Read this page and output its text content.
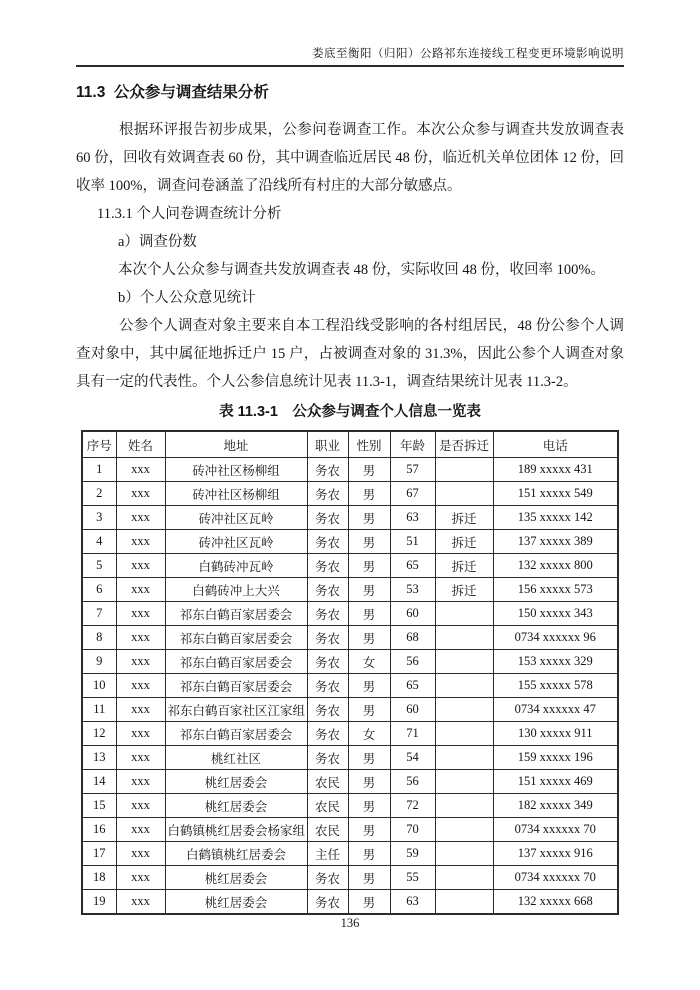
娄底至衡阳（归阳）公路祁东连接线工程变更环境影响说明
11.3  公众参与调查结果分析

根据环评报告初步成果，公参问卷调查工作。本次公众参与调查共发放调查表 60 份，回收有效调查表 60 份，其中调查临近居民 48 份，临近机关单位团体 12 份，回收率 100%，调查问卷涵盖了沿线所有村庄的大部分敏感点。

11.3.1 个人问卷调查统计分析

a）调查份数

本次个人公众参与调查共发放调查表 48 份，实际收回 48 份，收回率 100%。

b）个人公众意见统计

公参个人调查对象主要来自本工程沿线受影响的各村组居民，48 份公参个人调查对象中，其中属征地拆迁户 15 户，占被调查对象的 31.3%，因此公参个人调查对象具有一定的代表性。个人公参信息统计见表 11.3-1，调查结果统计见表 11.3-2。

表 11.3-1　公众参与调查个人信息一览表
序号	姓名	地址	职业	性别	年龄	是否拆迁	电话
1	xxx	砖冲社区杨柳组	务农	男	57		189 xxxxx 431
2	xxx	砖冲社区杨柳组	务农	男	67		151 xxxxx 549
3	xxx	砖冲社区瓦岭	务农	男	63	拆迁	135 xxxxx 142
4	xxx	砖冲社区瓦岭	务农	男	51	拆迁	137 xxxxx 389
5	xxx	白鹤砖冲瓦岭	务农	男	65	拆迁	132 xxxxx 800
6	xxx	白鹤砖冲上大兴	务农	男	53	拆迁	156 xxxxx 573
7	xxx	祁东白鹤百家居委会	务农	男	60		150 xxxxx 343
8	xxx	祁东白鹤百家居委会	务农	男	68		0734 xxxxxx 96
9	xxx	祁东白鹤百家居委会	务农	女	56		153 xxxxx 329
10	xxx	祁东白鹤百家居委会	务农	男	65		155 xxxxx 578
11	xxx	祁东白鹤百家社区江家组	务农	男	60		0734 xxxxxx 47
12	xxx	祁东白鹤百家居委会	务农	女	71		130 xxxxx 911
13	xxx	桃红社区	务农	男	54		159 xxxxx 196
14	xxx	桃红居委会	农民	男	56		151 xxxxx 469
15	xxx	桃红居委会	农民	男	72		182 xxxxx 349
16	xxx	白鹤镇桃红居委会杨家组	农民	男	70		0734 xxxxxx 70
17	xxx	白鹤镇桃红居委会	主任	男	59		137 xxxxx 916
18	xxx	桃红居委会	务农	男	55		0734 xxxxxx 70
19	xxx	桃红居委会	务农	男	63		132 xxxxx 668
136
